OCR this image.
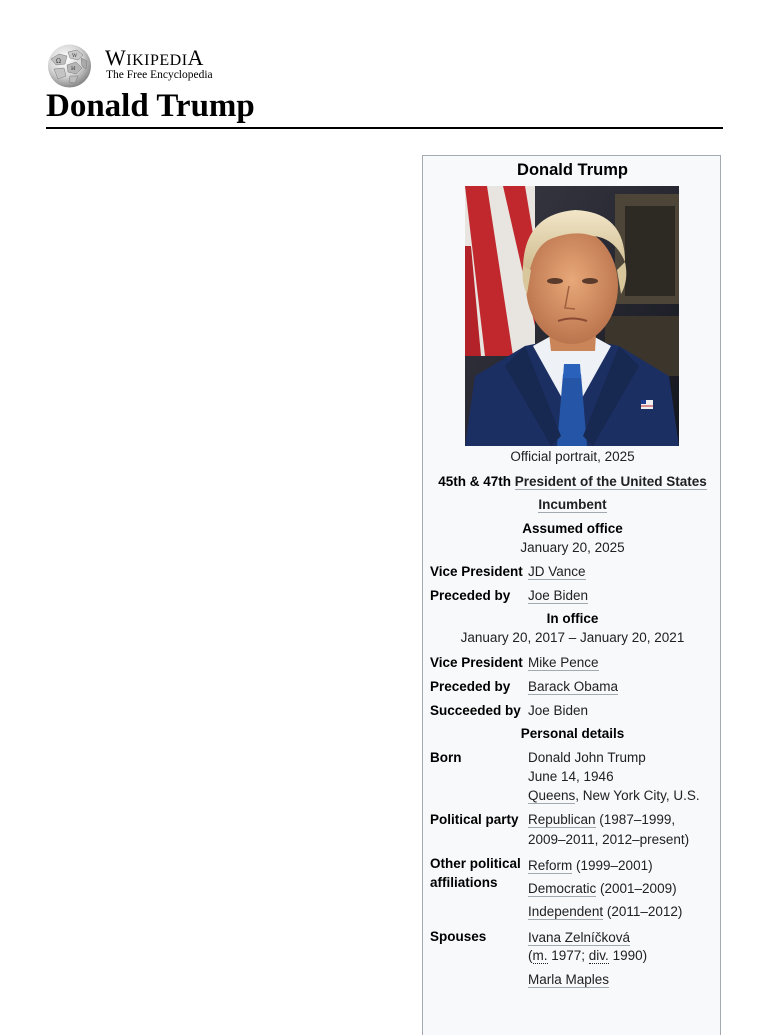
Ω
W
И WIKIPEDIA
The Free Encyclopedia
Donald Trump
Donald Trump
Official portrait, 2025
45th & 47th President of the United States
Incumbent
Assumed office
January 20, 2025
Vice President JD Vance
Preceded by Joe Biden
In office
January 20, 2017 – January 20, 2021
Vice President Mike Pence
Preceded by Barack Obama
Succeeded by Joe Biden
Personal details
Born	Donald John Trump
June 14, 1946
Queens, New York City, U.S.
Political party Republican (1987–1999,
2009–2011, 2012–present)
Other political
affiliations
Reform (1999–2001)
Democratic (2001–2009)
Independent (2011–2012)
Spouses	Ivana Zelníčková
(m. 1977; div. 1990)
Marla Maples
